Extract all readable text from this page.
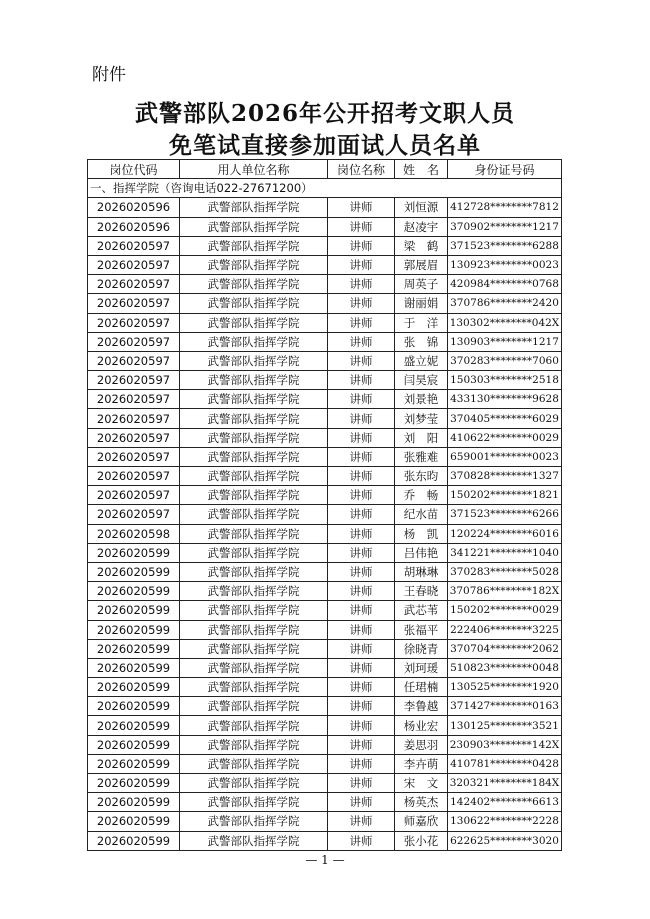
附件
武警部队2026年公开招考文职人员
免笔试直接参加面试人员名单
岗位代码	用人单位名称	岗位名称	姓　名	身份证号码
一、指挥学院（咨询电话022-27671200）				
2026020596	武警部队指挥学院	讲师	刘恒源	412728********7812
2026020596	武警部队指挥学院	讲师	赵凌宇	370902********1217
2026020597	武警部队指挥学院	讲师	梁　鹤	371523********6288
2026020597	武警部队指挥学院	讲师	郭展眉	130923********0023
2026020597	武警部队指挥学院	讲师	周英子	420984********0768
2026020597	武警部队指挥学院	讲师	谢丽娟	370786********2420
2026020597	武警部队指挥学院	讲师	于　洋	130302********042X
2026020597	武警部队指挥学院	讲师	张　锦	130903********1217
2026020597	武警部队指挥学院	讲师	盛立妮	370283********7060
2026020597	武警部队指挥学院	讲师	闫昊宸	150303********2518
2026020597	武警部队指挥学院	讲师	刘景艳	433130********9628
2026020597	武警部队指挥学院	讲师	刘梦莹	370405********6029
2026020597	武警部队指挥学院	讲师	刘　阳	410622********0029
2026020597	武警部队指挥学院	讲师	张雅难	659001********0023
2026020597	武警部队指挥学院	讲师	张东昀	370828********1327
2026020597	武警部队指挥学院	讲师	乔　畅	150202********1821
2026020597	武警部队指挥学院	讲师	纪水苗	371523********6266
2026020598	武警部队指挥学院	讲师	杨　凯	120224********6016
2026020599	武警部队指挥学院	讲师	吕伟艳	341221********1040
2026020599	武警部队指挥学院	讲师	胡琳琳	370283********5028
2026020599	武警部队指挥学院	讲师	王春晓	370786********182X
2026020599	武警部队指挥学院	讲师	武芯苇	150202********0029
2026020599	武警部队指挥学院	讲师	张福平	222406********3225
2026020599	武警部队指挥学院	讲师	徐晓青	370704********2062
2026020599	武警部队指挥学院	讲师	刘珂瑗	510823********0048
2026020599	武警部队指挥学院	讲师	任珺楠	130525********1920
2026020599	武警部队指挥学院	讲师	李鲁越	371427********0163
2026020599	武警部队指挥学院	讲师	杨业宏	130125********3521
2026020599	武警部队指挥学院	讲师	姜思羽	230903********142X
2026020599	武警部队指挥学院	讲师	李卉萌	410781********0428
2026020599	武警部队指挥学院	讲师	宋　文	320321********184X
2026020599	武警部队指挥学院	讲师	杨英杰	142402********6613
2026020599	武警部队指挥学院	讲师	师嘉欣	130622********2228
2026020599	武警部队指挥学院	讲师	张小花	622625********3020
— 1 —
